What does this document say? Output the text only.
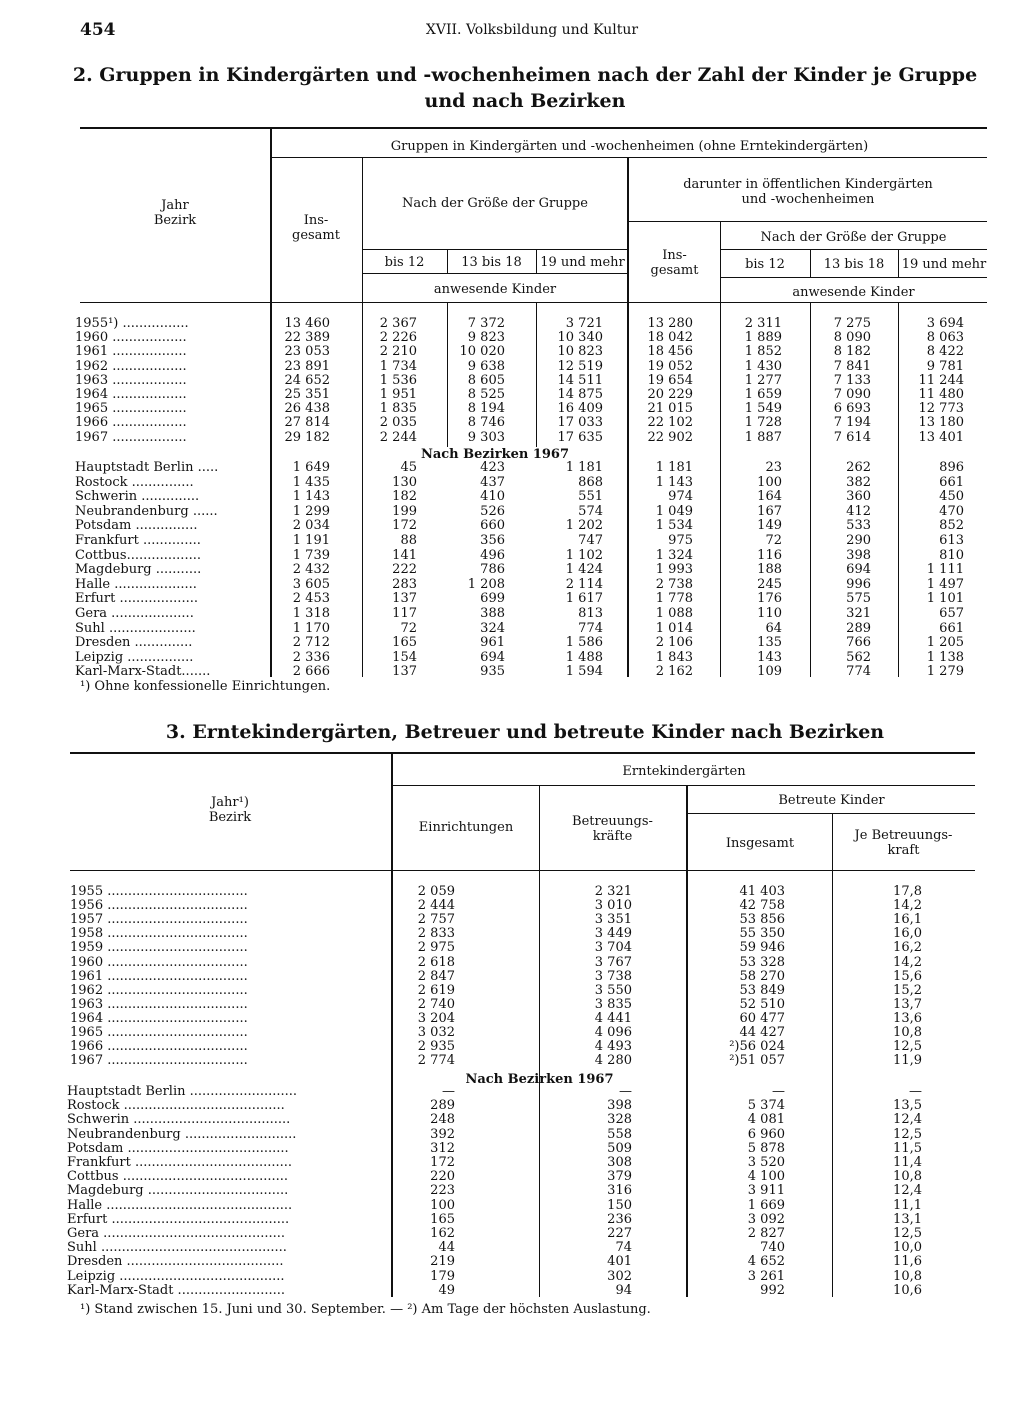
454	XVII. Volksbildung und Kultur
2. Gruppen in Kindergärten und -wochenheimen nach der Zahl der Kinder je Gruppe
und nach Bezirken
Jahr
Bezirk
Gruppen in Kindergärten und -wochenheimen (ohne Erntekindergärten)
Ins-
gesamt
Nach der Größe der Gruppe
bis 12	13 bis 18	19 und mehr
anwesende Kinder
darunter in öffentlichen Kindergärten
und -wochenheimen
Ins-
gesamt
Nach der Größe der Gruppe
bis 12	13 bis 18	19 und mehr
anwesende Kinder
1955¹) ................	13 460	2 367	7 372	3 721	13 280	2 311	7 275	3 694
1960 ..................	22 389	2 226	9 823	10 340	18 042	1 889	8 090	8 063
1961 ..................	23 053	2 210	10 020	10 823	18 456	1 852	8 182	8 422
1962 ..................	23 891	1 734	9 638	12 519	19 052	1 430	7 841	9 781
1963 ..................	24 652	1 536	8 605	14 511	19 654	1 277	7 133	11 244
1964 ..................	25 351	1 951	8 525	14 875	20 229	1 659	7 090	11 480
1965 ..................	26 438	1 835	8 194	16 409	21 015	1 549	6 693	12 773
1966 ..................	27 814	2 035	8 746	17 033	22 102	1 728	7 194	13 180
1967 ..................	29 182	2 244	9 303	17 635	22 902	1 887	7 614	13 401
Nach Bezirken 1967
Hauptstadt Berlin .....	1 649	45	423	1 181	1 181	23	262	896
Rostock ...............	1 435	130	437	868	1 143	100	382	661
Schwerin ..............	1 143	182	410	551	974	164	360	450
Neubrandenburg ......	1 299	199	526	574	1 049	167	412	470
Potsdam ...............	2 034	172	660	1 202	1 534	149	533	852
Frankfurt ..............	1 191	88	356	747	975	72	290	613
Cottbus..................	1 739	141	496	1 102	1 324	116	398	810
Magdeburg ...........	2 432	222	786	1 424	1 993	188	694	1 111
Halle ....................	3 605	283	1 208	2 114	2 738	245	996	1 497
Erfurt ...................	2 453	137	699	1 617	1 778	176	575	1 101
Gera ....................	1 318	117	388	813	1 088	110	321	657
Suhl .....................	1 170	72	324	774	1 014	64	289	661
Dresden ..............	2 712	165	961	1 586	2 106	135	766	1 205
Leipzig ................	2 336	154	694	1 488	1 843	143	562	1 138
Karl-Marx-Stadt.......	2 666	137	935	1 594	2 162	109	774	1 279
¹) Ohne konfessionelle Einrichtungen.
3. Erntekindergärten, Betreuer und betreute Kinder nach Bezirken
Jahr¹)
Bezirk
Erntekindergärten
Einrichtungen	Betreuungs-
kräfte
Betreute Kinder
Insgesamt
Je Betreuungs-
kraft
1955 ..................................	2 059	2 321	41 403	17,8
1956 ..................................	2 444	3 010	42 758	14,2
1957 ..................................	2 757	3 351	53 856	16,1
1958 ..................................	2 833	3 449	55 350	16,0
1959 ..................................	2 975	3 704	59 946	16,2
1960 ..................................	2 618	3 767	53 328	14,2
1961 ..................................	2 847	3 738	58 270	15,6
1962 ..................................	2 619	3 550	53 849	15,2
1963 ..................................	2 740	3 835	52 510	13,7
1964 ..................................	3 204	4 441	60 477	13,6
1965 ..................................	3 032	4 096	44 427	10,8
1966 ..................................	2 935	4 493	²)56 024	12,5
1967 ..................................	2 774	4 280	²)51 057	11,9
Nach Bezirken 1967
Hauptstadt Berlin ..........................	—	—	—	—
Rostock .......................................	289	398	5 374	13,5
Schwerin ......................................	248	328	4 081	12,4
Neubrandenburg ...........................	392	558	6 960	12,5
Potsdam .......................................	312	509	5 878	11,5
Frankfurt ......................................	172	308	3 520	11,4
Cottbus ........................................	220	379	4 100	10,8
Magdeburg ..................................	223	316	3 911	12,4
Halle .............................................	100	150	1 669	11,1
Erfurt ...........................................	165	236	3 092	13,1
Gera ............................................	162	227	2 827	12,5
Suhl .............................................	44	74	740	10,0
Dresden ......................................	219	401	4 652	11,6
Leipzig ........................................	179	302	3 261	10,8
Karl-Marx-Stadt ..........................	49	94	992	10,6
¹) Stand zwischen 15. Juni und 30. September. — ²) Am Tage der höchsten Auslastung.
